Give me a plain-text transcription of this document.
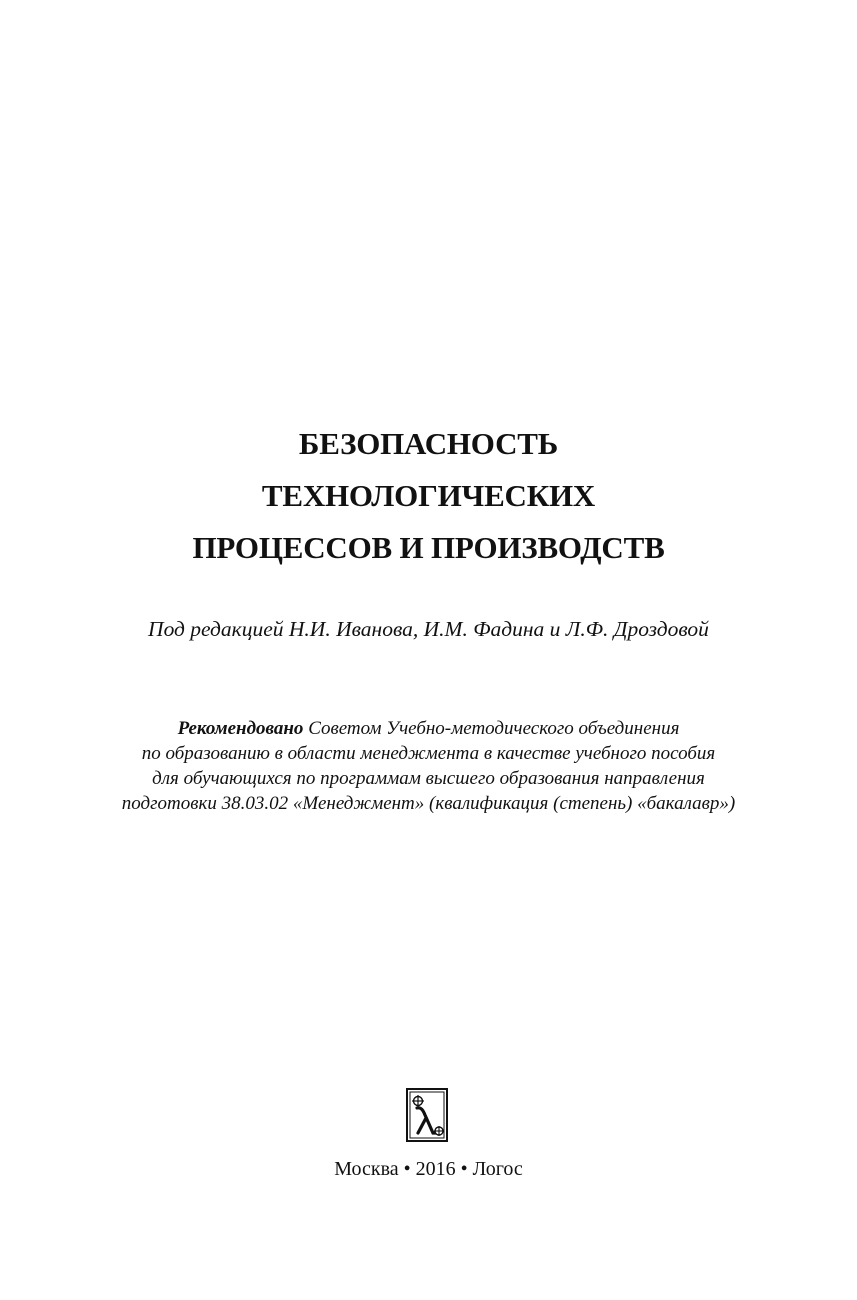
БЕЗОПАСНОСТЬ
ТЕХНОЛОГИЧЕСКИХ
ПРОЦЕССОВ И ПРОИЗВОДСТВ
Под редакцией Н.И. Иванова, И.М. Фадина и Л.Ф. Дроздовой
Рекомендовано Советом Учебно-методического объединения
по образованию в области менеджмента в качестве учебного пособия
для обучающихся по программам высшего образования направления
подготовки 38.03.02 «Менеджмент» (квалификация (степень) «бакалавр»)
Москва • 2016 • Логос
